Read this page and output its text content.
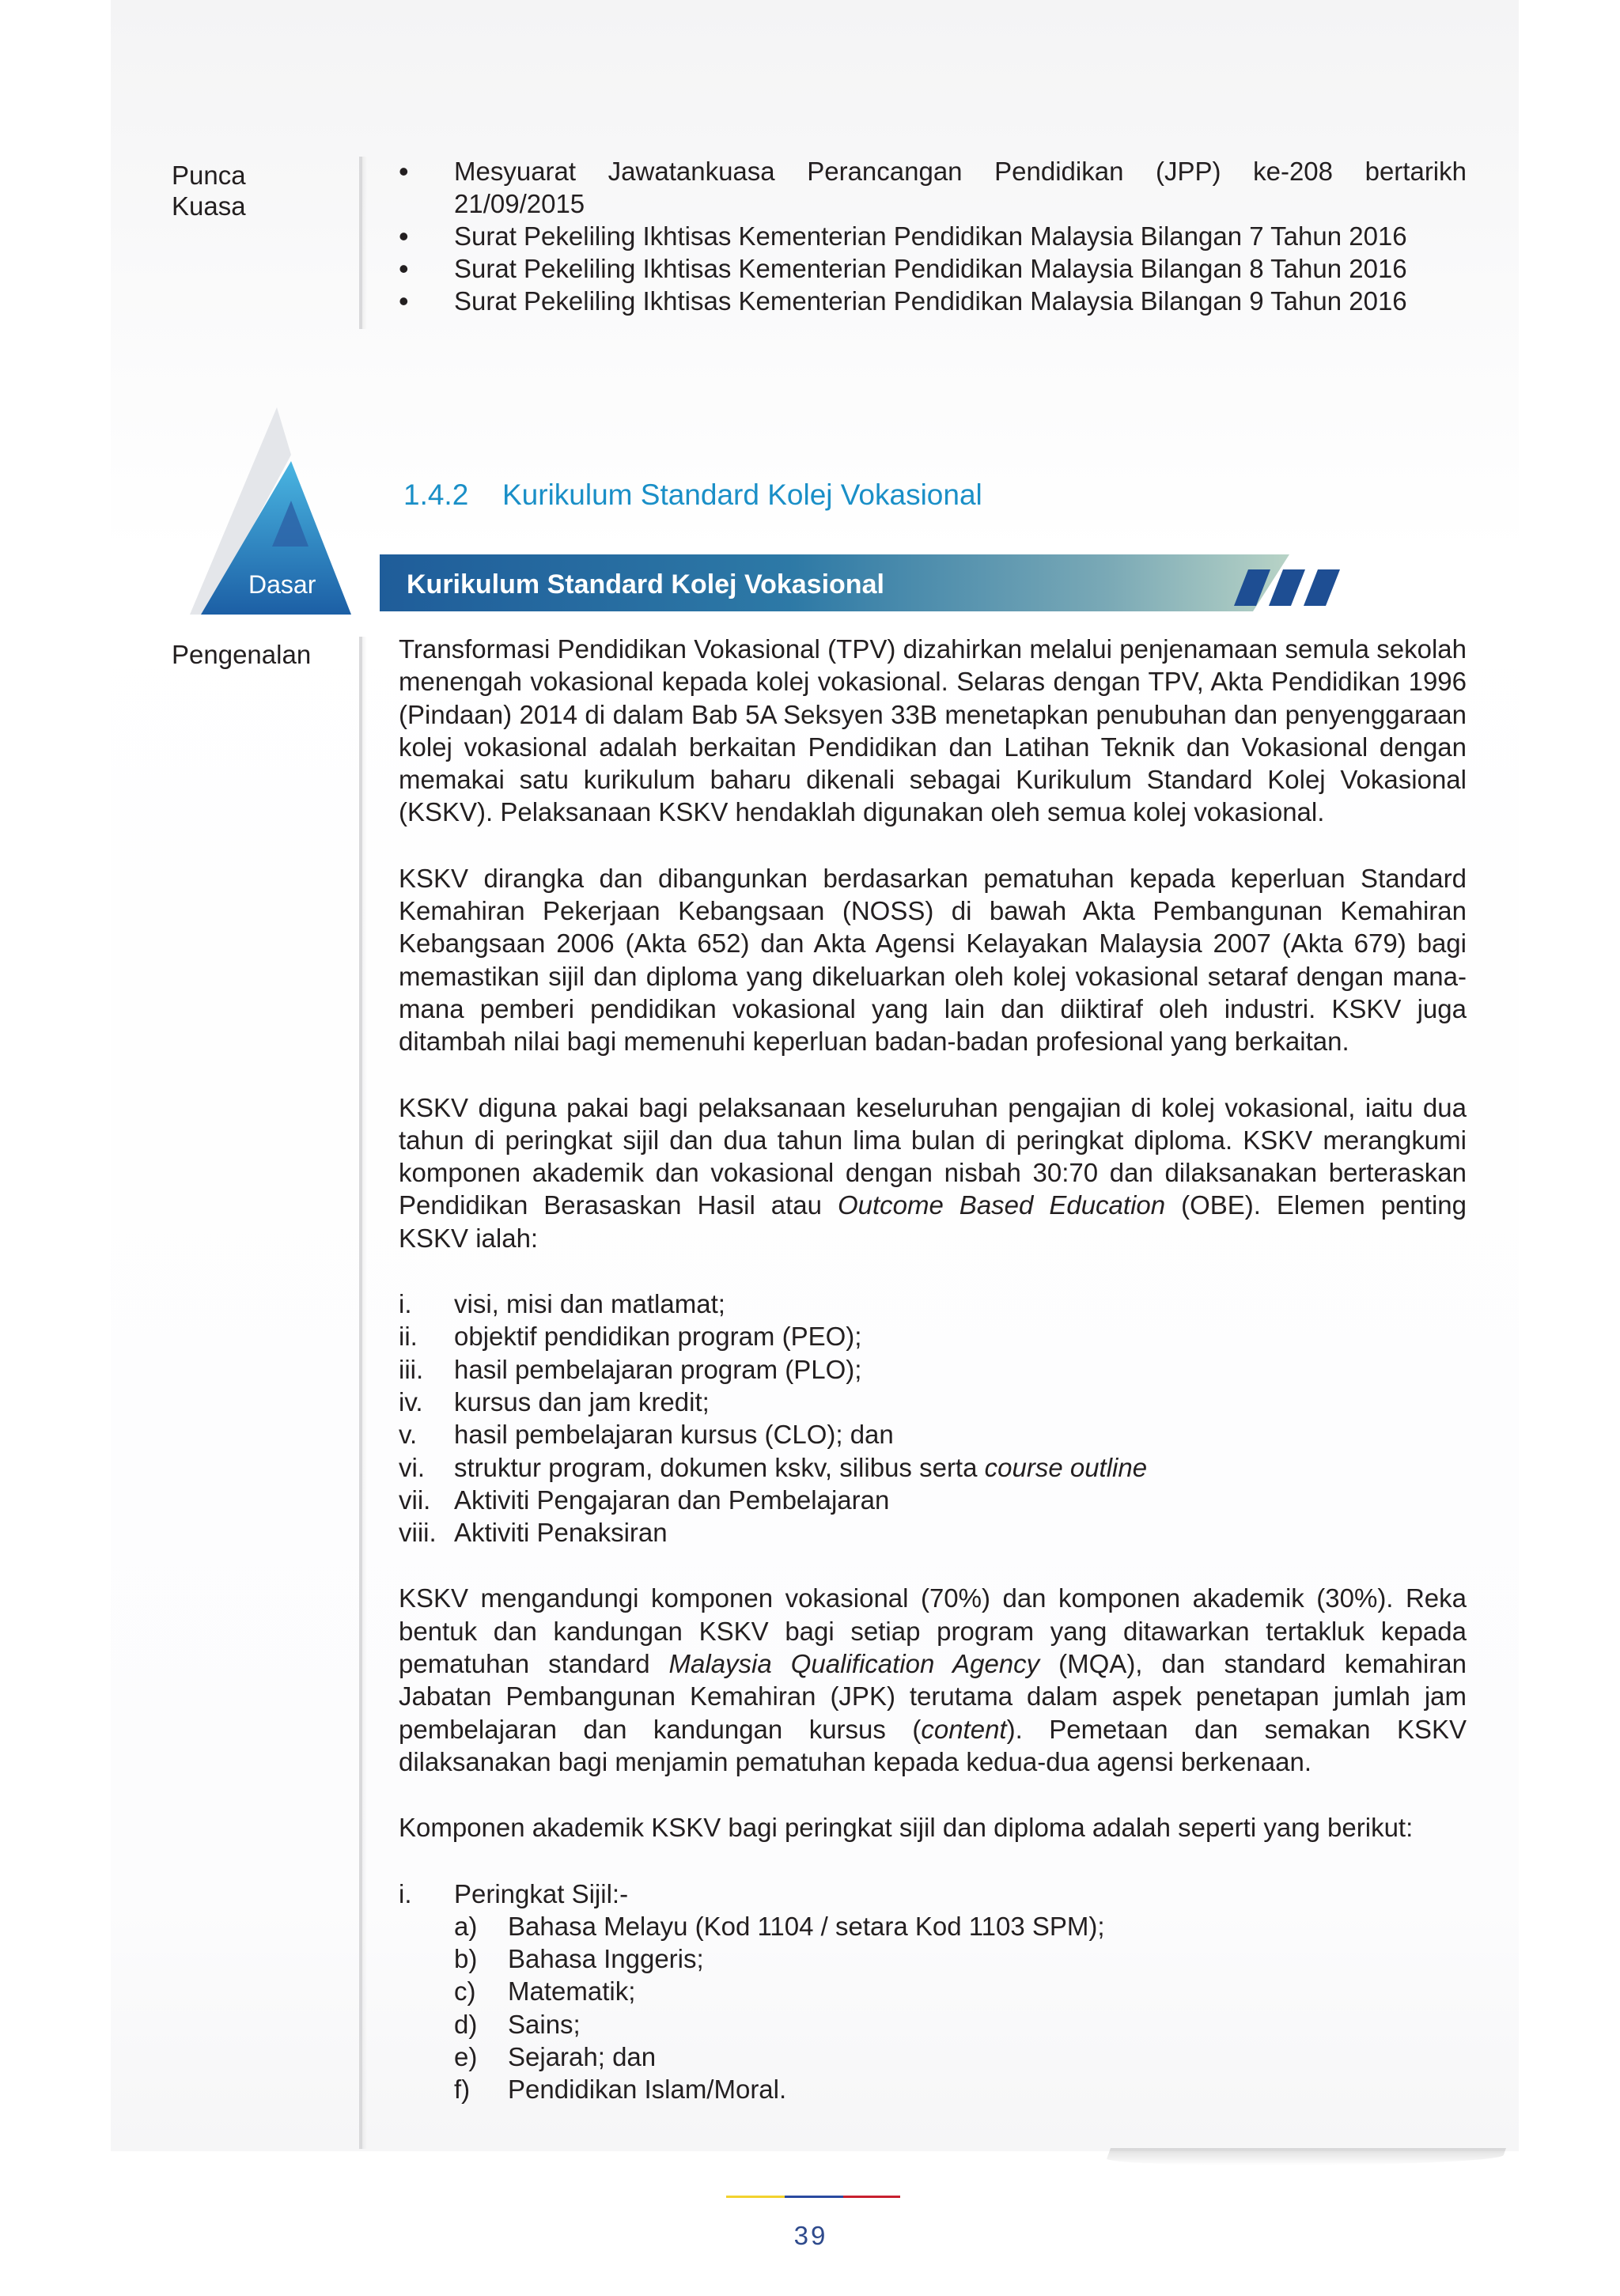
Punca
Kuasa
• Mesyuarat Jawatankuasa Perancangan Pendidikan (JPP) ke-208 bertarikh
21/09/2015
• Surat Pekeliling Ikhtisas Kementerian Pendidikan Malaysia Bilangan 7 Tahun 2016
• Surat Pekeliling Ikhtisas Kementerian Pendidikan Malaysia Bilangan 8 Tahun 2016
• Surat Pekeliling Ikhtisas Kementerian Pendidikan Malaysia Bilangan 9 Tahun 2016
Dasar
1.4.2 Kurikulum Standard Kolej Vokasional
Kurikulum Standard Kolej Vokasional
Pengenalan	Transformasi Pendidikan Vokasional (TPV) dizahirkan melalui penjenamaan semula sekolah menengah vokasional kepada kolej vokasional. Selaras dengan TPV, Akta Pendidikan 1996 (Pindaan) 2014 di dalam Bab 5A Seksyen 33B menetapkan penubuhan dan penyenggaraan kolej vokasional adalah berkaitan Pendidikan dan Latihan Teknik dan Vokasional dengan memakai satu kurikulum baharu dikenali sebagai Kurikulum Standard Kolej Vokasional (KSKV). Pelaksanaan KSKV hendaklah digunakan oleh semua kolej vokasional.

KSKV dirangka dan dibangunkan berdasarkan pematuhan kepada keperluan Standard Kemahiran Pekerjaan Kebangsaan (NOSS) di bawah Akta Pembangunan Kemahiran Kebangsaan 2006 (Akta 652) dan Akta Agensi Kelayakan Malaysia 2007 (Akta 679) bagi memastikan sijil dan diploma yang dikeluarkan oleh kolej vokasional setaraf dengan mana-mana pemberi pendidikan vokasional yang lain dan diiktiraf oleh industri. KSKV juga ditambah nilai bagi memenuhi keperluan badan-badan profesional yang berkaitan.

KSKV diguna pakai bagi pelaksanaan keseluruhan pengajian di kolej vokasional, iaitu dua tahun di peringkat sijil dan dua tahun lima bulan di peringkat diploma. KSKV merangkumi komponen akademik dan vokasional dengan nisbah 30:70 dan dilaksanakan berteraskan Pendidikan Berasaskan Hasil atau Outcome Based Education (OBE). Elemen penting KSKV ialah:

i.	visi, misi dan matlamat;
ii.	objektif pendidikan program (PEO);
iii.	hasil pembelajaran program (PLO);
iv.	kursus dan jam kredit;
v.	hasil pembelajaran kursus (CLO); dan
vi.	struktur program, dokumen kskv, silibus serta course outline
vii. Aktiviti Pengajaran dan Pembelajaran
viii. Aktiviti Penaksiran

KSKV mengandungi komponen vokasional (70%) dan komponen akademik (30%). Reka bentuk dan kandungan KSKV bagi setiap program yang ditawarkan tertakluk kepada pematuhan standard Malaysia Qualification Agency (MQA), dan standard kemahiran Jabatan Pembangunan Kemahiran (JPK) terutama dalam aspek penetapan jumlah jam pembelajaran dan kandungan kursus (content). Pemetaan dan semakan KSKV dilaksanakan bagi menjamin pematuhan kepada kedua-dua agensi berkenaan.

Komponen akademik KSKV bagi peringkat sijil dan diploma adalah seperti yang berikut:

i.	Peringkat Sijil:-
a)	Bahasa Melayu (Kod 1104 / setara Kod 1103 SPM);
b)	Bahasa Inggeris;
c)	Matematik;
d)	Sains;
e)	Sejarah; dan
f)	Pendidikan Islam/Moral.
39
